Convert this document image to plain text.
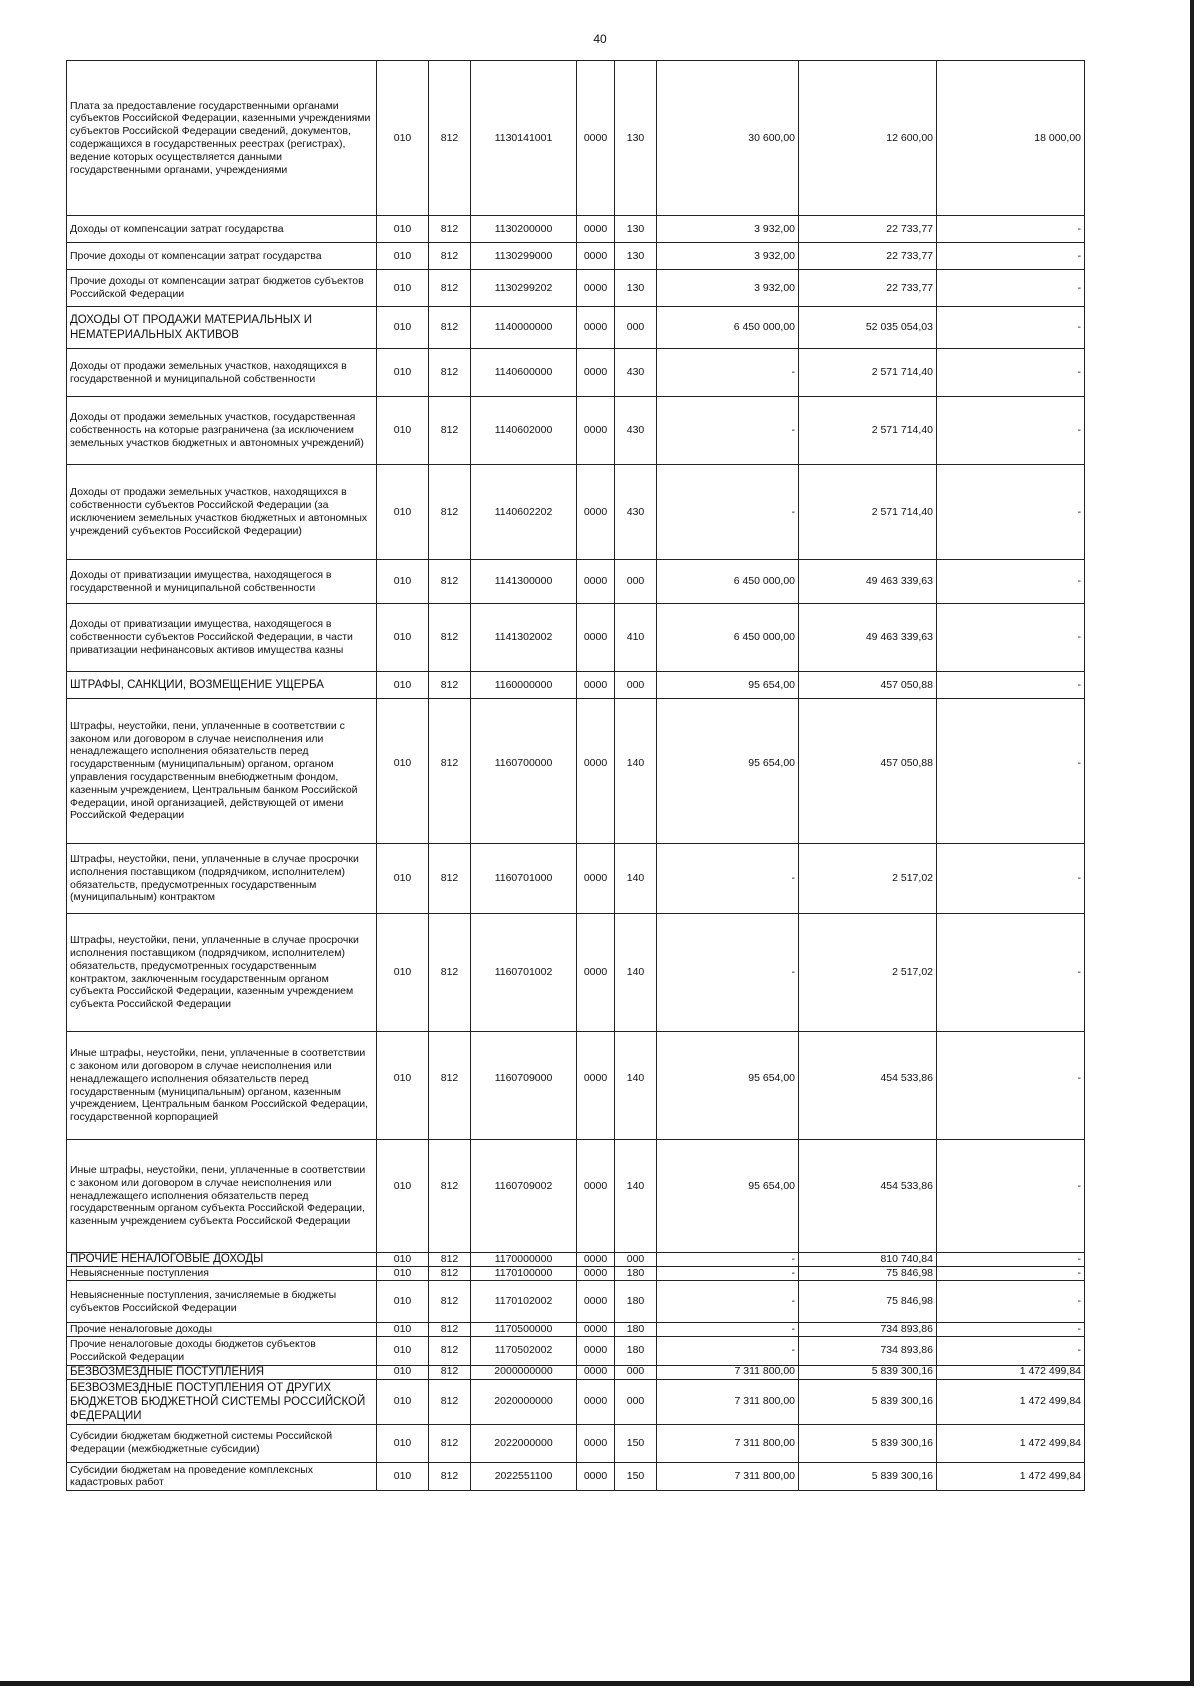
40
Плата за предоставление государственными органами субъектов Российской Федерации, казенными учреждениями субъектов Российской Федерации сведений, документов, содержащихся в государственных реестрах (регистрах), ведение которых осуществляется данными государственными органами, учреждениями	010	812	1130141001	0000	130	30 600,00	12 600,00	18 000,00
Доходы от компенсации затрат государства	010	812	1130200000	0000	130	3 932,00	22 733,77	-
Прочие доходы от компенсации затрат государства	010	812	1130299000	0000	130	3 932,00	22 733,77	-
Прочие доходы от компенсации затрат бюджетов субъектов Российской Федерации	010	812	1130299202	0000	130	3 932,00	22 733,77	-
ДОХОДЫ ОТ ПРОДАЖИ МАТЕРИАЛЬНЫХ И НЕМАТЕРИАЛЬНЫХ АКТИВОВ	010	812	1140000000	0000	000	6 450 000,00	52 035 054,03	-
Доходы от продажи земельных участков, находящихся в государственной и муниципальной собственности	010	812	1140600000	0000	430	-	2 571 714,40	-
Доходы от продажи земельных участков, государственная собственность на которые разграничена (за исключением земельных участков бюджетных и автономных учреждений)	010	812	1140602000	0000	430	-	2 571 714,40	-
Доходы от продажи земельных участков, находящихся в собственности субъектов Российской Федерации (за исключением земельных участков бюджетных и автономных учреждений субъектов Российской Федерации)	010	812	1140602202	0000	430	-	2 571 714,40	-
Доходы от приватизации имущества, находящегося в государственной и муниципальной собственности	010	812	1141300000	0000	000	6 450 000,00	49 463 339,63	-
Доходы от приватизации имущества, находящегося в собственности субъектов Российской Федерации, в части приватизации нефинансовых активов имущества казны	010	812	1141302002	0000	410	6 450 000,00	49 463 339,63	-
ШТРАФЫ, САНКЦИИ, ВОЗМЕЩЕНИЕ УЩЕРБА	010	812	1160000000	0000	000	95 654,00	457 050,88	-
Штрафы, неустойки, пени, уплаченные в соответствии с законом или договором в случае неисполнения или ненадлежащего исполнения обязательств перед государственным (муниципальным) органом, органом управления государственным внебюджетным фондом, казенным учреждением, Центральным банком Российской Федерации, иной организацией, действующей от имени Российской Федерации	010	812	1160700000	0000	140	95 654,00	457 050,88	-
Штрафы, неустойки, пени, уплаченные в случае просрочки исполнения поставщиком (подрядчиком, исполнителем) обязательств, предусмотренных государственным (муниципальным) контрактом	010	812	1160701000	0000	140	-	2 517,02	-
Штрафы, неустойки, пени, уплаченные в случае просрочки исполнения поставщиком (подрядчиком, исполнителем) обязательств, предусмотренных государственным контрактом, заключенным государственным органом субъекта Российской Федерации, казенным учреждением субъекта Российской Федерации	010	812	1160701002	0000	140	-	2 517,02	-
Иные штрафы, неустойки, пени, уплаченные в соответствии с законом или договором в случае неисполнения или ненадлежащего исполнения обязательств перед государственным (муниципальным) органом, казенным учреждением, Центральным банком Российской Федерации, государственной корпорацией	010	812	1160709000	0000	140	95 654,00	454 533,86	-
Иные штрафы, неустойки, пени, уплаченные в соответствии с законом или договором в случае неисполнения или ненадлежащего исполнения обязательств перед государственным органом субъекта Российской Федерации, казенным учреждением субъекта Российской Федерации	010	812	1160709002	0000	140	95 654,00	454 533,86	-
ПРОЧИЕ НЕНАЛОГОВЫЕ ДОХОДЫ	010	812	1170000000	0000	000	-	810 740,84	-
Невыясненные поступления	010	812	1170100000	0000	180	-	75 846,98	-
Невыясненные поступления, зачисляемые в бюджеты субъектов Российской Федерации	010	812	1170102002	0000	180	-	75 846,98	-
Прочие неналоговые доходы	010	812	1170500000	0000	180	-	734 893,86	-
Прочие неналоговые доходы бюджетов субъектов Российской Федерации	010	812	1170502002	0000	180	-	734 893,86	-
БЕЗВОЗМЕЗДНЫЕ ПОСТУПЛЕНИЯ	010	812	2000000000	0000	000	7 311 800,00	5 839 300,16	1 472 499,84
БЕЗВОЗМЕЗДНЫЕ ПОСТУПЛЕНИЯ ОТ ДРУГИХ БЮДЖЕТОВ БЮДЖЕТНОЙ СИСТЕМЫ РОССИЙСКОЙ ФЕДЕРАЦИИ	010	812	2020000000	0000	000	7 311 800,00	5 839 300,16	1 472 499,84
Субсидии бюджетам бюджетной системы Российской Федерации (межбюджетные субсидии)	010	812	2022000000	0000	150	7 311 800,00	5 839 300,16	1 472 499,84
Субсидии бюджетам на проведение комплексных кадастровых работ	010	812	2022551100	0000	150	7 311 800,00	5 839 300,16	1 472 499,84
